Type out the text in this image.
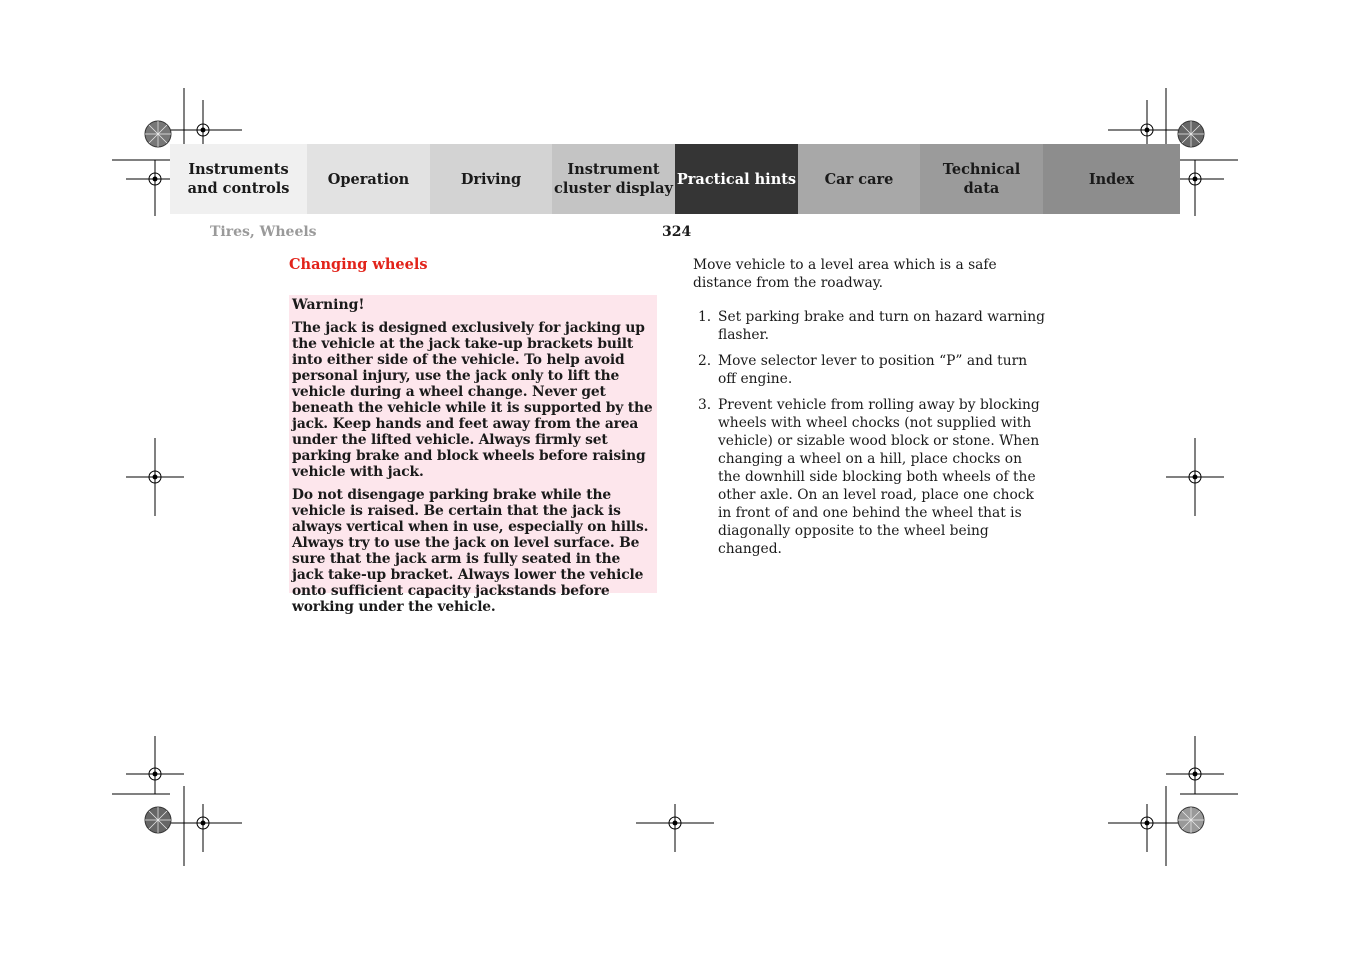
Instruments
and controls
Operation	Driving
Instrument
cluster display
Practical hints	Car care
Technical
data
Index
Tires, Wheels	324
Changing wheels
Warning!

The jack is designed exclusively for jacking up the vehicle at the jack take-up brackets built into either side of the vehicle. To help avoid personal injury, use the jack only to lift the vehicle during a wheel change. Never get beneath the vehicle while it is supported by the jack. Keep hands and feet away from the area under the lifted vehicle. Always firmly set parking brake and block wheels before raising vehicle with jack.

Do not disengage parking brake while the vehicle is raised. Be certain that the jack is always vertical when in use, especially on hills. Always try to use the jack on level surface. Be sure that the jack arm is fully seated in the jack take-up bracket. Always lower the vehicle onto sufficient capacity jackstands before working under the vehicle.

Move vehicle to a level area which is a safe distance from the roadway.

1. Set parking brake and turn on hazard warning flasher.
2. Move selector lever to position “P” and turn off engine.
3. Prevent vehicle from rolling away by blocking wheels with wheel chocks (not supplied with vehicle) or sizable wood block or stone. When changing a wheel on a hill, place chocks on the downhill side blocking both wheels of the other axle. On an level road, place one chock in front of and one behind the wheel that is diagonally opposite to the wheel being changed.
